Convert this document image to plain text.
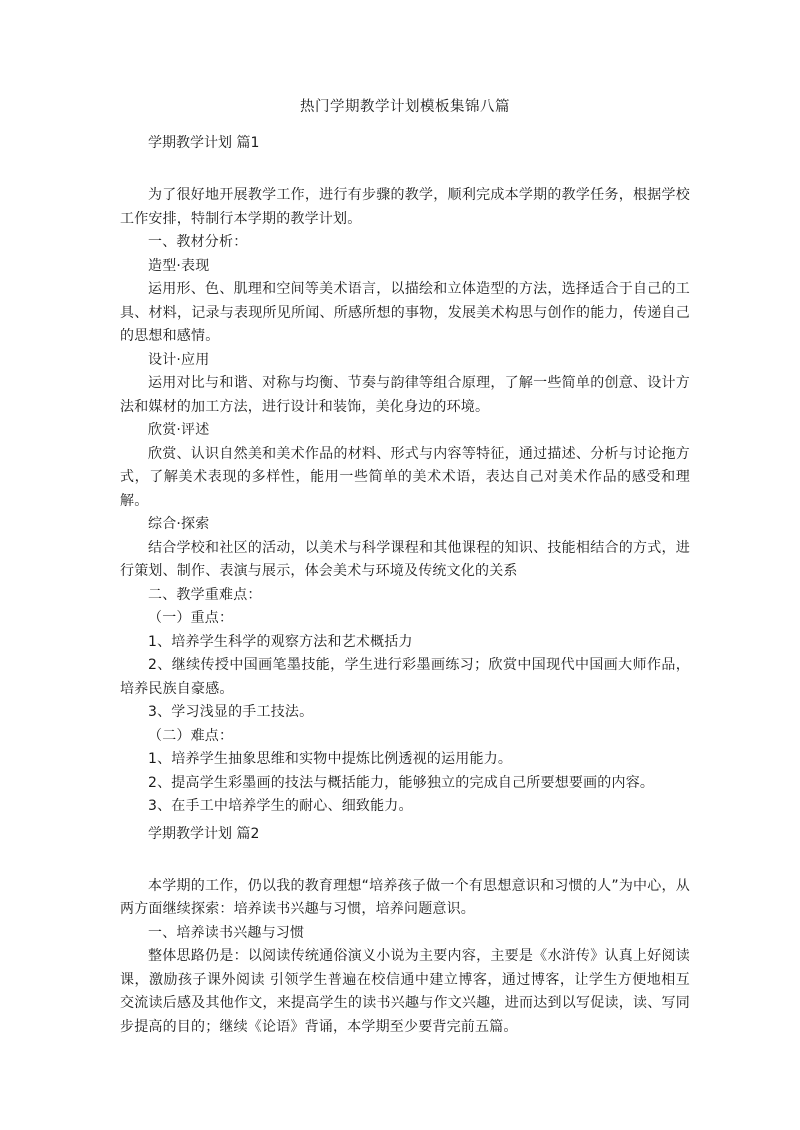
热门学期教学计划模板集锦八篇
学期教学计划 篇1

为了很好地开展教学工作，进行有步骤的教学，顺利完成本学期的教学任务，根据学校工作安排，特制行本学期的教学计划。

一、教材分析：

造型·表现

运用形、色、肌理和空间等美术语言，以描绘和立体造型的方法，选择适合于自己的工具、材料，记录与表现所见所闻、所感所想的事物，发展美术构思与创作的能力，传递自己的思想和感情。

设计·应用

运用对比与和谐、对称与均衡、节奏与韵律等组合原理，了解一些简单的创意、设计方法和媒材的加工方法，进行设计和装饰，美化身边的环境。

欣赏·评述

欣赏、认识自然美和美术作品的材料、形式与内容等特征，通过描述、分析与讨论拖方式，了解美术表现的多样性，能用一些简单的美术术语，表达自己对美术作品的感受和理解。

综合·探索

结合学校和社区的活动，以美术与科学课程和其他课程的知识、技能相结合的方式，进行策划、制作、表演与展示，体会美术与环境及传统文化的关系

二、教学重难点：

（一）重点：

1、培养学生科学的观察方法和艺术概括力

2、继续传授中国画笔墨技能，学生进行彩墨画练习；欣赏中国现代中国画大师作品，培养民族自豪感。

3、学习浅显的手工技法。

（二）难点：

1、培养学生抽象思维和实物中提炼比例透视的运用能力。

2、提高学生彩墨画的技法与概括能力，能够独立的完成自己所要想要画的内容。

3、在手工中培养学生的耐心、细致能力。

学期教学计划 篇2

本学期的工作，仍以我的教育理想“培养孩子做一个有思想意识和习惯的人”为中心，从两方面继续探索：培养读书兴趣与习惯，培养问题意识。

一、培养读书兴趣与习惯

整体思路仍是：以阅读传统通俗演义小说为主要内容，主要是《水浒传》认真上好阅读课，激励孩子课外阅读 引领学生普遍在校信通中建立博客，通过博客，让学生方便地相互交流读后感及其他作文，来提高学生的读书兴趣与作文兴趣，进而达到以写促读，读、写同步提高的目的；继续《论语》背诵，本学期至少要背完前五篇。
